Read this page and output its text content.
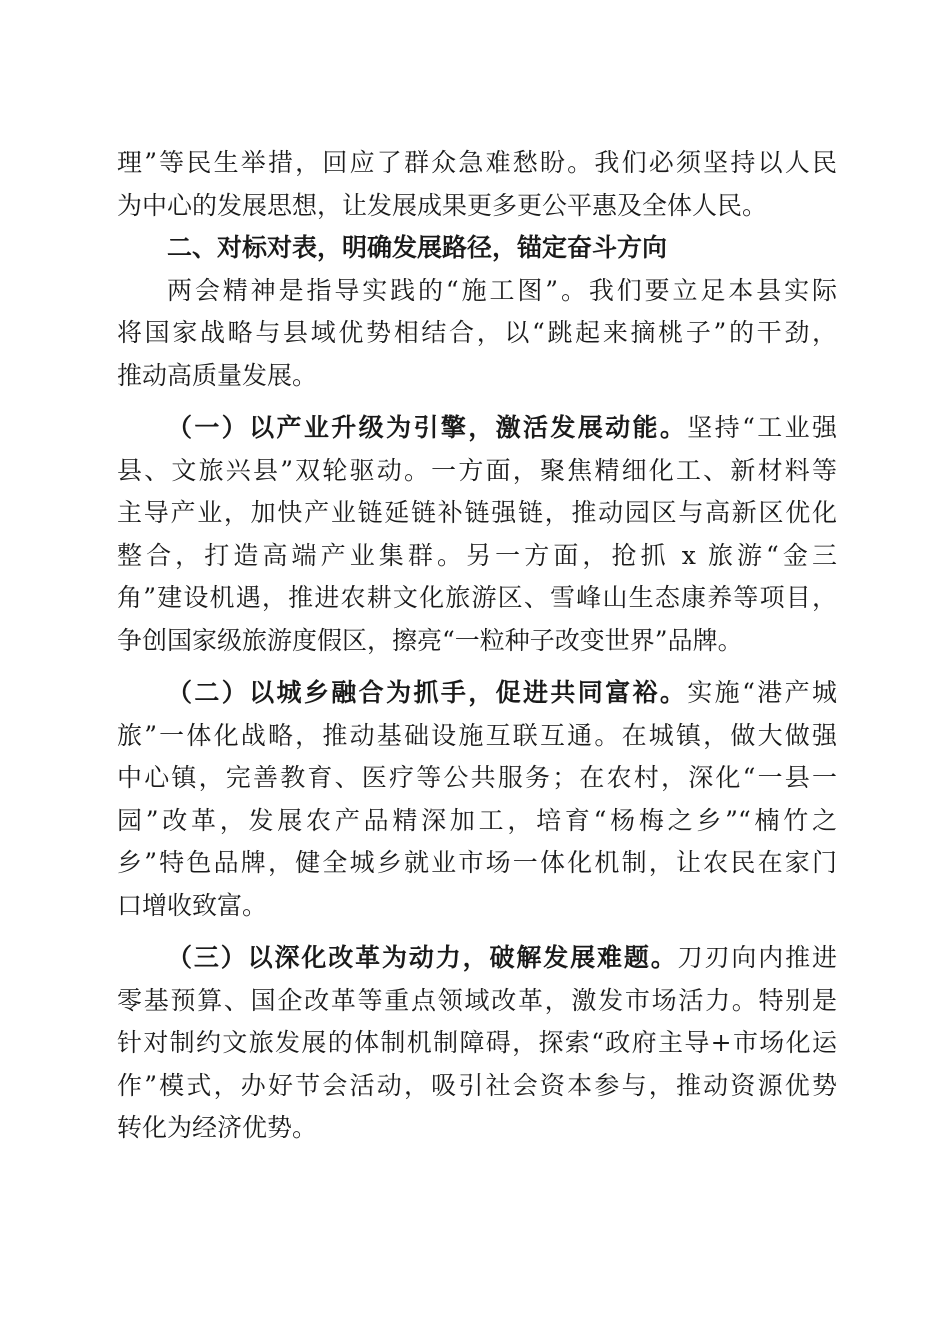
理”等民生举措，回应了群众急难愁盼。我们必须坚持以人民
为中心的发展思想，让发展成果更多更公平惠及全体人民。
二、对标对表，明确发展路径，锚定奋斗方向
两会精神是指导实践的“施工图”。我们要立足本县实际
将国家战略与县域优势相结合，以“跳起来摘桃子”的干劲，
推动高质量发展。
（一）以产业升级为引擎，激活发展动能。坚持“工业强
县、文旅兴县”双轮驱动。一方面，聚焦精细化工、新材料等
主导产业，加快产业链延链补链强链，推动园区与高新区优化
整合，打造高端产业集群。另一方面，抢抓 x 旅游“金三
角”建设机遇，推进农耕文化旅游区、雪峰山生态康养等项目，
争创国家级旅游度假区，擦亮“一粒种子改变世界”品牌。
（二）以城乡融合为抓手，促进共同富裕。实施“港产城
旅”一体化战略，推动基础设施互联互通。在城镇，做大做强
中心镇，完善教育、医疗等公共服务；在农村，深化“一县一
园”改革，发展农产品精深加工，培育“杨梅之乡”“楠竹之
乡”特色品牌，健全城乡就业市场一体化机制，让农民在家门
口增收致富。
（三）以深化改革为动力，破解发展难题。刀刃向内推进
零基预算、国企改革等重点领域改革，激发市场活力。特别是
针对制约文旅发展的体制机制障碍，探索“政府主导+市场化运
作”模式，办好节会活动，吸引社会资本参与，推动资源优势
转化为经济优势。
